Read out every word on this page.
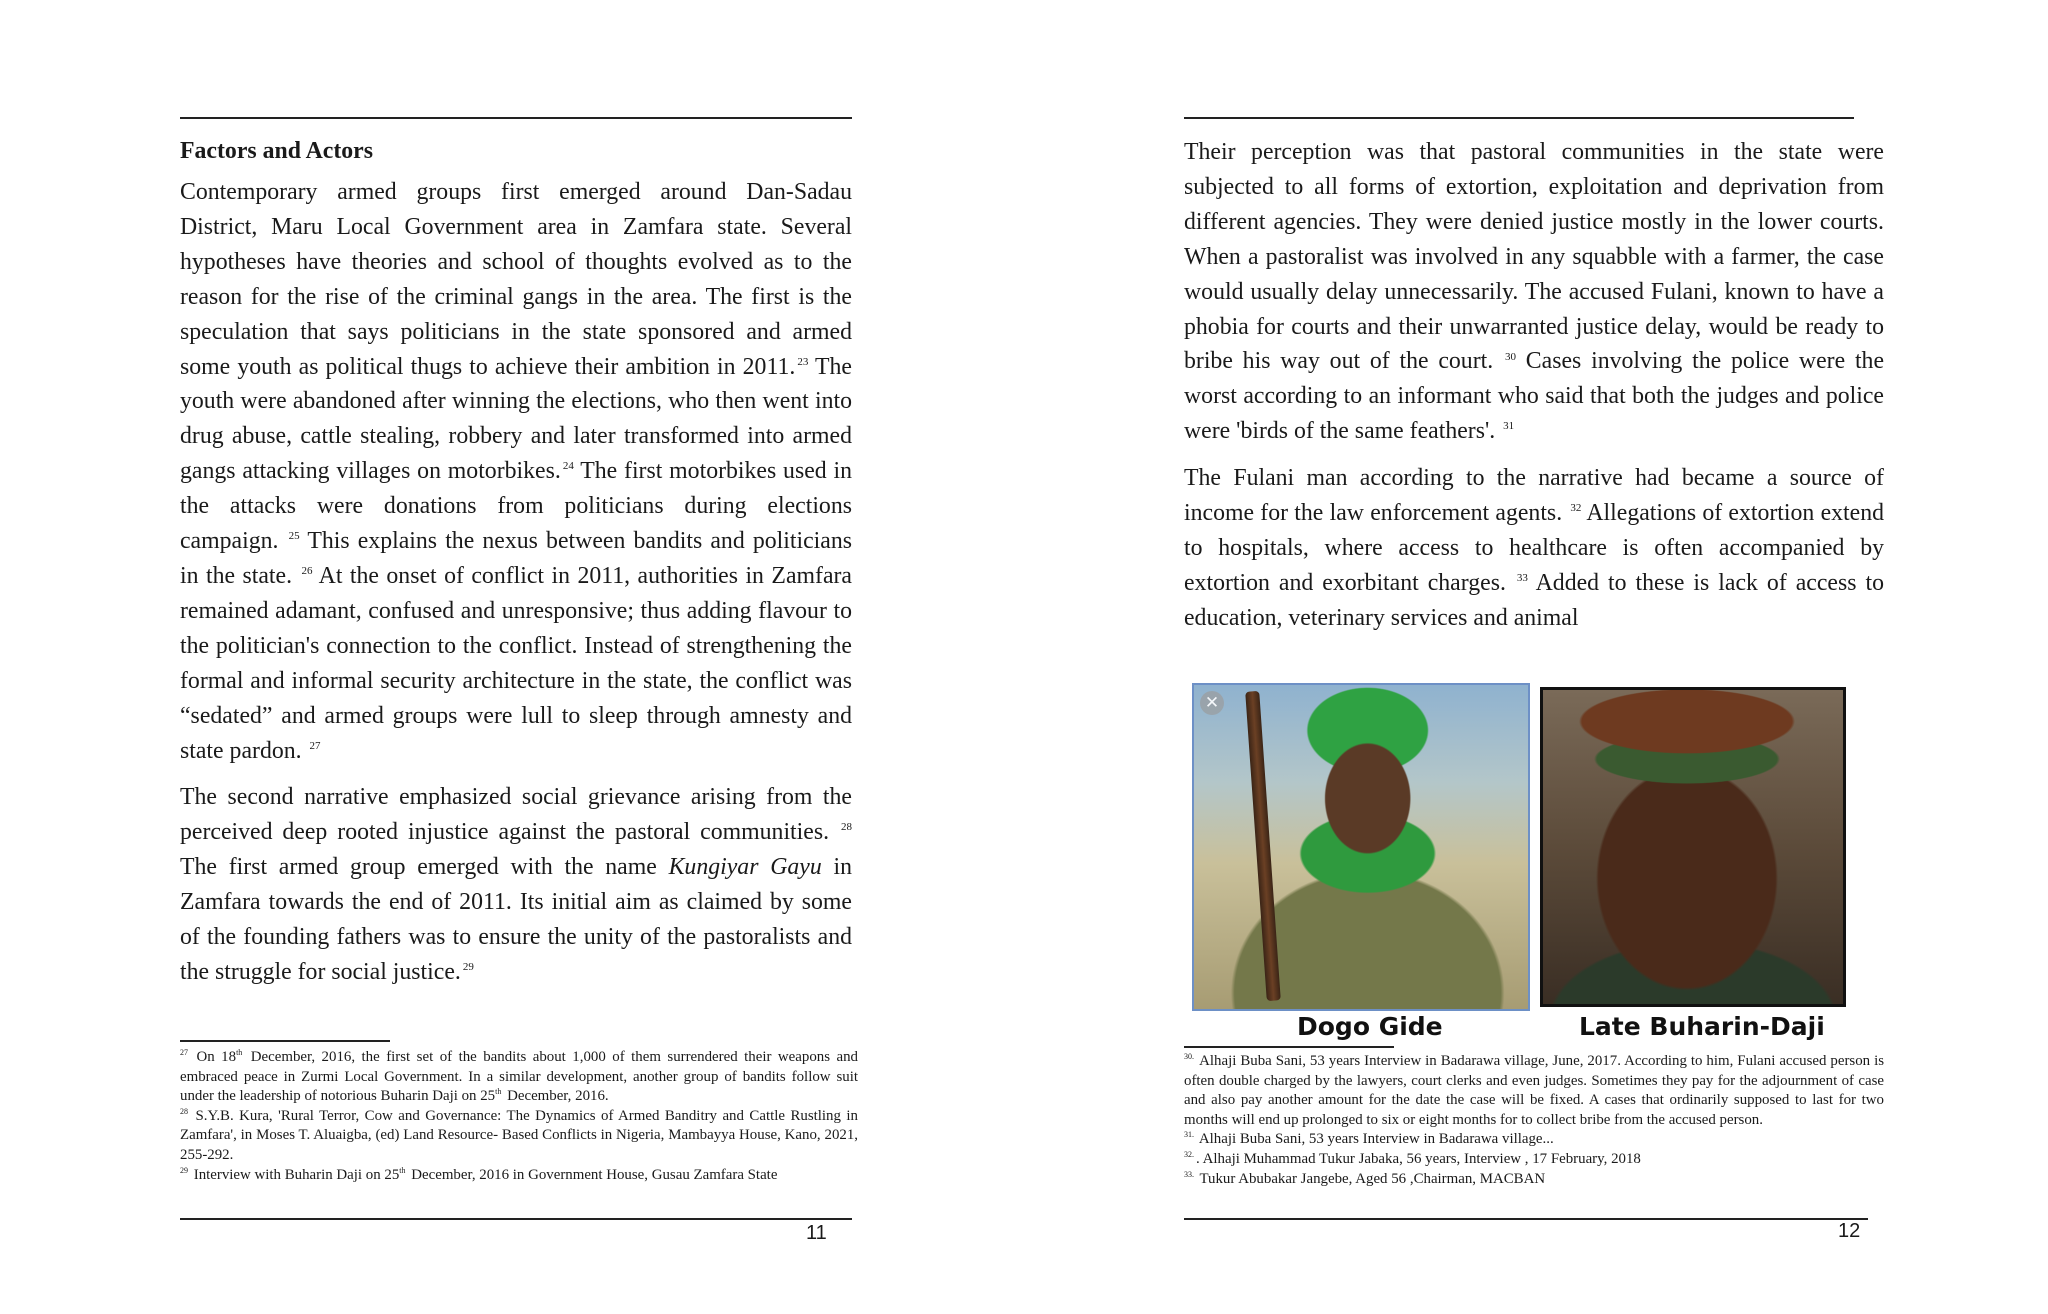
Factors and Actors

Contemporary armed groups first emerged around Dan-Sadau District, Maru Local Government area in Zamfara state. Several hypotheses have theories and school of thoughts evolved as to the reason for the rise of the criminal gangs in the area. The first is the speculation that says politicians in the state sponsored and armed some youth as political thugs to achieve their ambition in 2011. $^{23}$ The youth were abandoned after winning the elections, who then went into drug abuse, cattle stealing, robbery and later transformed into armed gangs attacking villages on motorbikes. $^{24}$ The first motorbikes used in the attacks were donations from politicians during elections campaign. $^{25}$ This explains the nexus between bandits and politicians in the state. $^{26}$ At the onset of conflict in 2011, authorities in Zamfara remained adamant, confused and unresponsive; thus adding flavour to the politician's connection to the conflict. Instead of strengthening the formal and informal security architecture in the state, the conflict was “sedated” and armed groups were lull to sleep through amnesty and state pardon. $^{27}$

The second narrative emphasized social grievance arising from the perceived deep rooted injustice against the pastoral communities. $^{28}$ The first armed group emerged with the name Kungiyar Gayu in Zamfara towards the end of 2011. Its initial aim as claimed by some of the founding fathers was to ensure the unity of the pastoralists and the struggle for social justice. $^{29}$

$^{27}$ On 18th December, 2016, the first set of the bandits about 1,000 of them surrendered their weapons and embraced peace in Zurmi Local Government. In a similar development, another group of bandits follow suit under the leadership of notorious Buharin Daji on 25th December, 2016.

$^{28}$ S.Y.B. Kura, 'Rural Terror, Cow and Governance: The Dynamics of Armed Banditry and Cattle Rustling in Zamfara', in Moses T. Aluaigba, (ed) Land Resource- Based Conflicts in Nigeria, Mambayya House, Kano, 2021, 255-292.

$^{29}$ Interview with Buharin Daji on 25th December, 2016 in Government House, Gusau Zamfara State

11

Their perception was that pastoral communities in the state were subjected to all forms of extortion, exploitation and deprivation from different agencies. They were denied justice mostly in the lower courts. When a pastoralist was involved in any squabble with a farmer, the case would usually delay unnecessarily. The accused Fulani, known to have a phobia for courts and their unwarranted justice delay, would be ready to bribe his way out of the court. $^{30}$ Cases involving the police were the worst according to an informant who said that both the judges and police were 'birds of the same feathers'. $^{31}$

The Fulani man according to the narrative had became a source of income for the law enforcement agents. $^{32}$ Allegations of extortion extend to hospitals, where access to healthcare is often accompanied by extortion and exorbitant charges. $^{33}$ Added to these is lack of access to education, veterinary services and animal

✕
Dogo Gide	Late Buharin-Daji

$^{30.}$ Alhaji Buba Sani, 53 years Interview in Badarawa village, June, 2017. According to him, Fulani accused person is often double charged by the lawyers, court clerks and even judges. Sometimes they pay for the adjournment of case and also pay another amount for the date the case will be fixed. A cases that ordinarily supposed to last for two months will end up prolonged to six or eight months for to collect bribe from the accused person.

$^{31.}$ Alhaji Buba Sani, 53 years Interview in Badarawa village...

$^{32.}$ . Alhaji Muhammad Tukur Jabaka, 56 years, Interview , 17 February, 2018

$^{33.}$ Tukur Abubakar Jangebe, Aged 56 ,Chairman, MACBAN

12
